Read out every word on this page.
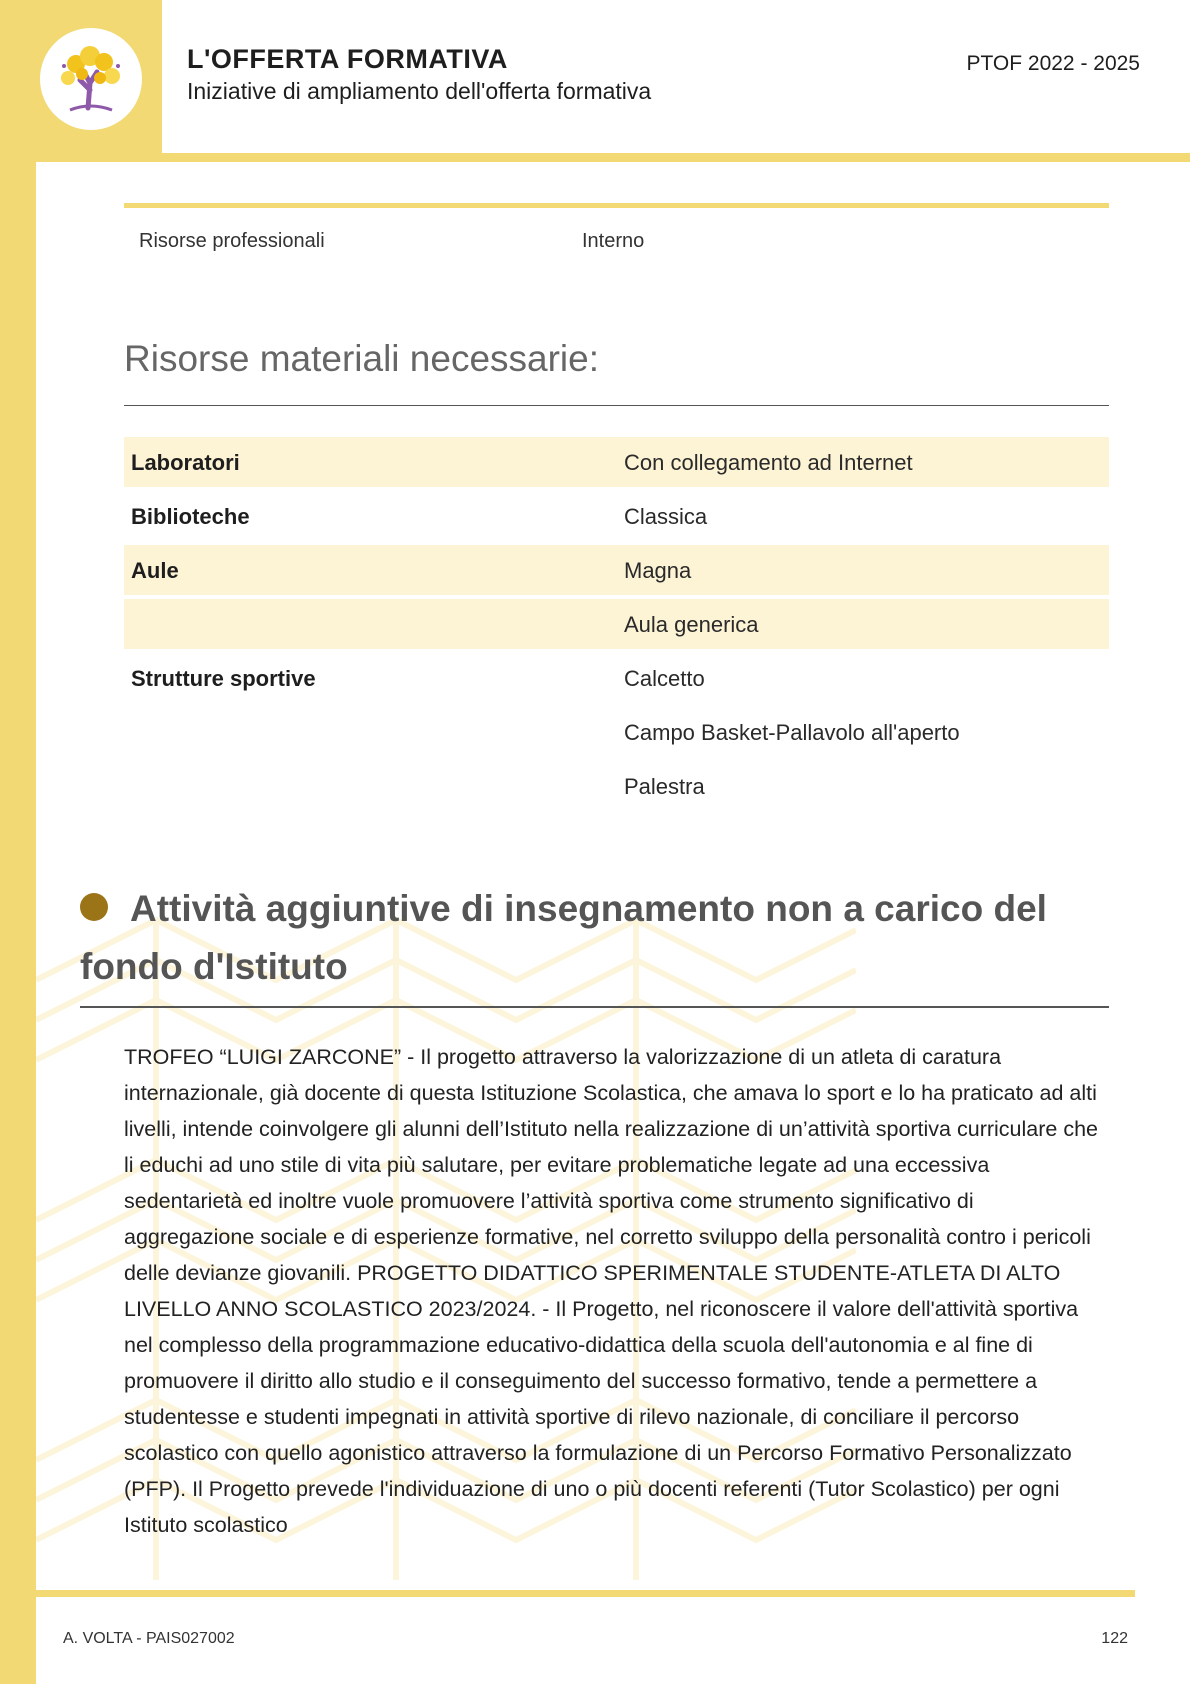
L'OFFERTA FORMATIVA
Iniziative di ampliamento dell'offerta formativa
PTOF 2022 - 2025
Risorse professionali	Interno
Risorse materiali necessarie:
Laboratori	Con collegamento ad Internet
Biblioteche	Classica
Aule	Magna
Aula generica
Strutture sportive	Calcetto
Campo Basket-Pallavolo all'aperto
Palestra
Attività aggiuntive di insegnamento non a carico del fondo d'Istituto
TROFEO “LUIGI ZARCONE” - Il progetto attraverso la valorizzazione di un atleta di caratura internazionale, già docente di questa Istituzione Scolastica, che amava lo sport e lo ha praticato ad alti livelli, intende coinvolgere gli alunni dell’Istituto nella realizzazione di un’attività sportiva curriculare che li educhi ad uno stile di vita più salutare, per evitare problematiche legate ad una eccessiva sedentarietà ed inoltre vuole promuovere l’attività sportiva come strumento significativo di aggregazione sociale e di esperienze formative, nel corretto sviluppo della personalità contro i pericoli delle devianze giovanili. PROGETTO DIDATTICO SPERIMENTALE STUDENTE-ATLETA DI ALTO LIVELLO ANNO SCOLASTICO 2023/2024. - Il Progetto, nel riconoscere il valore dell'attività sportiva nel complesso della programmazione educativo-didattica della scuola dell'autonomia e al fine di promuovere il diritto allo studio e il conseguimento del successo formativo, tende a permettere a studentesse e studenti impegnati in attività sportive di rilevo nazionale, di conciliare il percorso scolastico con quello agonistico attraverso la formulazione di un Percorso Formativo Personalizzato (PFP). Il Progetto prevede l'individuazione di uno o più docenti referenti (Tutor Scolastico) per ogni Istituto scolastico
A. VOLTA - PAIS027002	122
